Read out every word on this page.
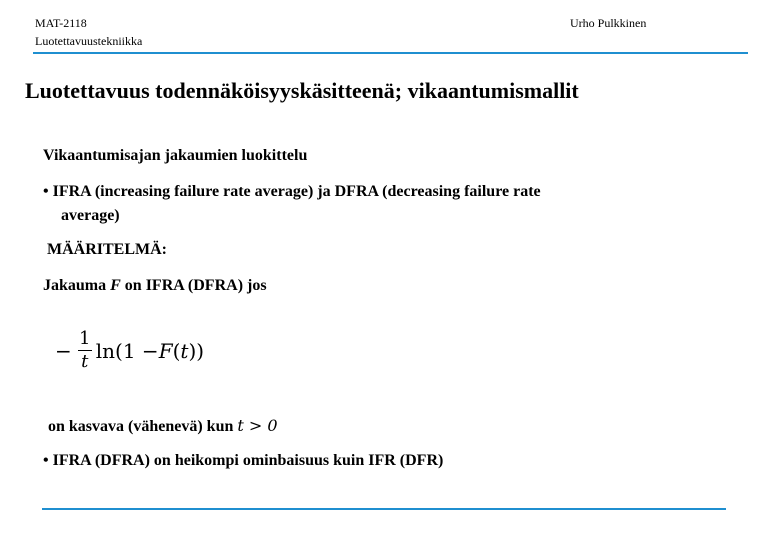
MAT-2118
Luotettavuustekniikka
Urho Pulkkinen
Luotettavuus todennäköisyyskäsitteenä; vikaantumismallit
Vikaantumisajan jakaumien luokittelu
• IFRA (increasing failure rate average) ja DFRA (decreasing failure rate
average)
MÄÄRITELMÄ:
Jakauma F on IFRA (DFRA) jos
− $\frac{1}{t} \ln(1 - F$ ( t ))
on kasvava (vähenevä) kun t > 0
• IFRA (DFRA) on heikompi ominbaisuus kuin IFR (DFR)
